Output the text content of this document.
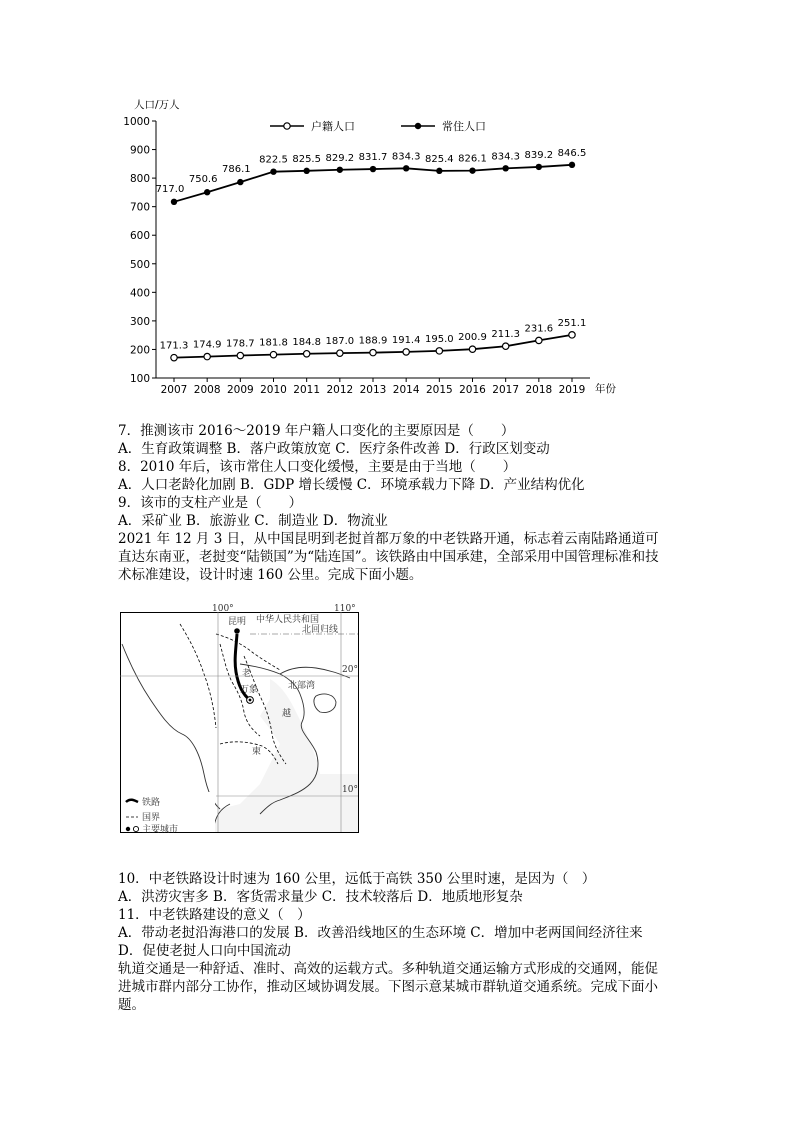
人口/万人
年份
100
200
300
400
500
600
700
800
900
1000
2007 2008 2009 2010 2011 2012 2013 2014 2015 2016 2017 2018 2019
171.3 174.9 178.7 181.8 184.8 187.0 188.9 191.4 195.0 200.9 211.3
231.6
251.1
717.0
750.6
786.1
822.5 825.5 829.2 831.7 834.3 825.4 826.1 834.3 839.2 846.5
户籍人口	常住人口
7．推测该市 2016～2019 年户籍人口变化的主要原因是（　　）
A．生育政策调整 B．落户政策放宽 C．医疗条件改善 D．行政区划变动
8．2010 年后，该市常住人口变化缓慢，主要是由于当地（　　）
A．人口老龄化加剧 B．GDP 增长缓慢 C．环境承载力下降 D．产业结构优化
9．该市的支柱产业是（　　）
A．采矿业 B．旅游业 C．制造业 D．物流业
2021 年 12 月 3 日，从中国昆明到老挝首都万象的中老铁路开通，标志着云南陆路通道可直达东南亚，老挝变“陆锁国”为“陆连国”。该铁路由中国承建，全部采用中国管理标准和技术标准建设，设计时速 160 公里。完成下面小题。
昆明
万象
中华人民共和国
北回归线
北部湾
老
越
柬
100°	110°
20°
10°
铁路
国界
主要城市
10．中老铁路设计时速为 160 公里，远低于高铁 350 公里时速，是因为（　）
A．洪涝灾害多 B．客货需求量少 C．技术较落后 D．地质地形复杂
11．中老铁路建设的意义（　）
A．带动老挝沿海港口的发展 B．改善沿线地区的生态环境 C．增加中老两国间经济往来 D．促使老挝人口向中国流动
轨道交通是一种舒适、准时、高效的运载方式。多种轨道交通运输方式形成的交通网，能促进城市群内部分工协作，推动区域协调发展。下图示意某城市群轨道交通系统。完成下面小题。
